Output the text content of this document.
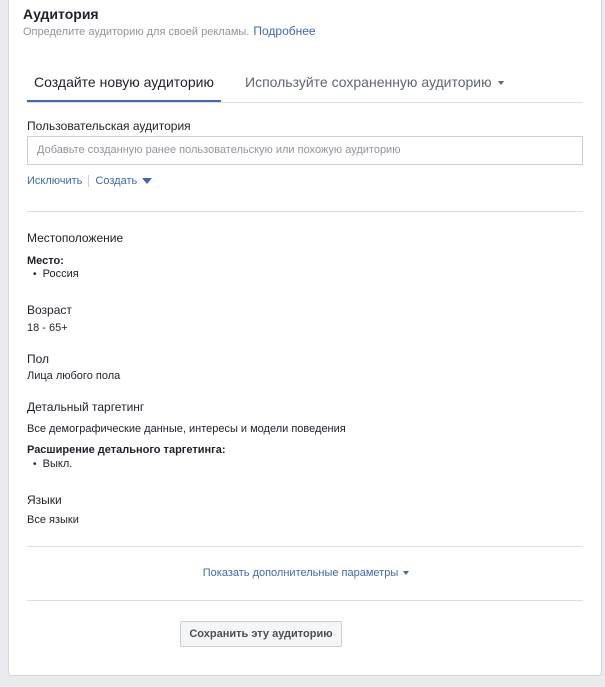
Аудитория
Определите аудиторию для своей рекламы. Подробнее
Создайте новую аудиторию	Используйте сохраненную аудиторию
Пользовательская аудитория
Добавьте созданную ранее пользовательскую или похожую аудиторию
Исключить Создать
Местоположение
Место:
• Россия
Возраст
18 - 65+
Пол
Лица любого пола
Детальный таргетинг
Все демографические данные, интересы и модели поведения
Расширение детального таргетинга:
• Выкл.
Языки
Все языки
Показать дополнительные параметры
Сохранить эту аудиторию
